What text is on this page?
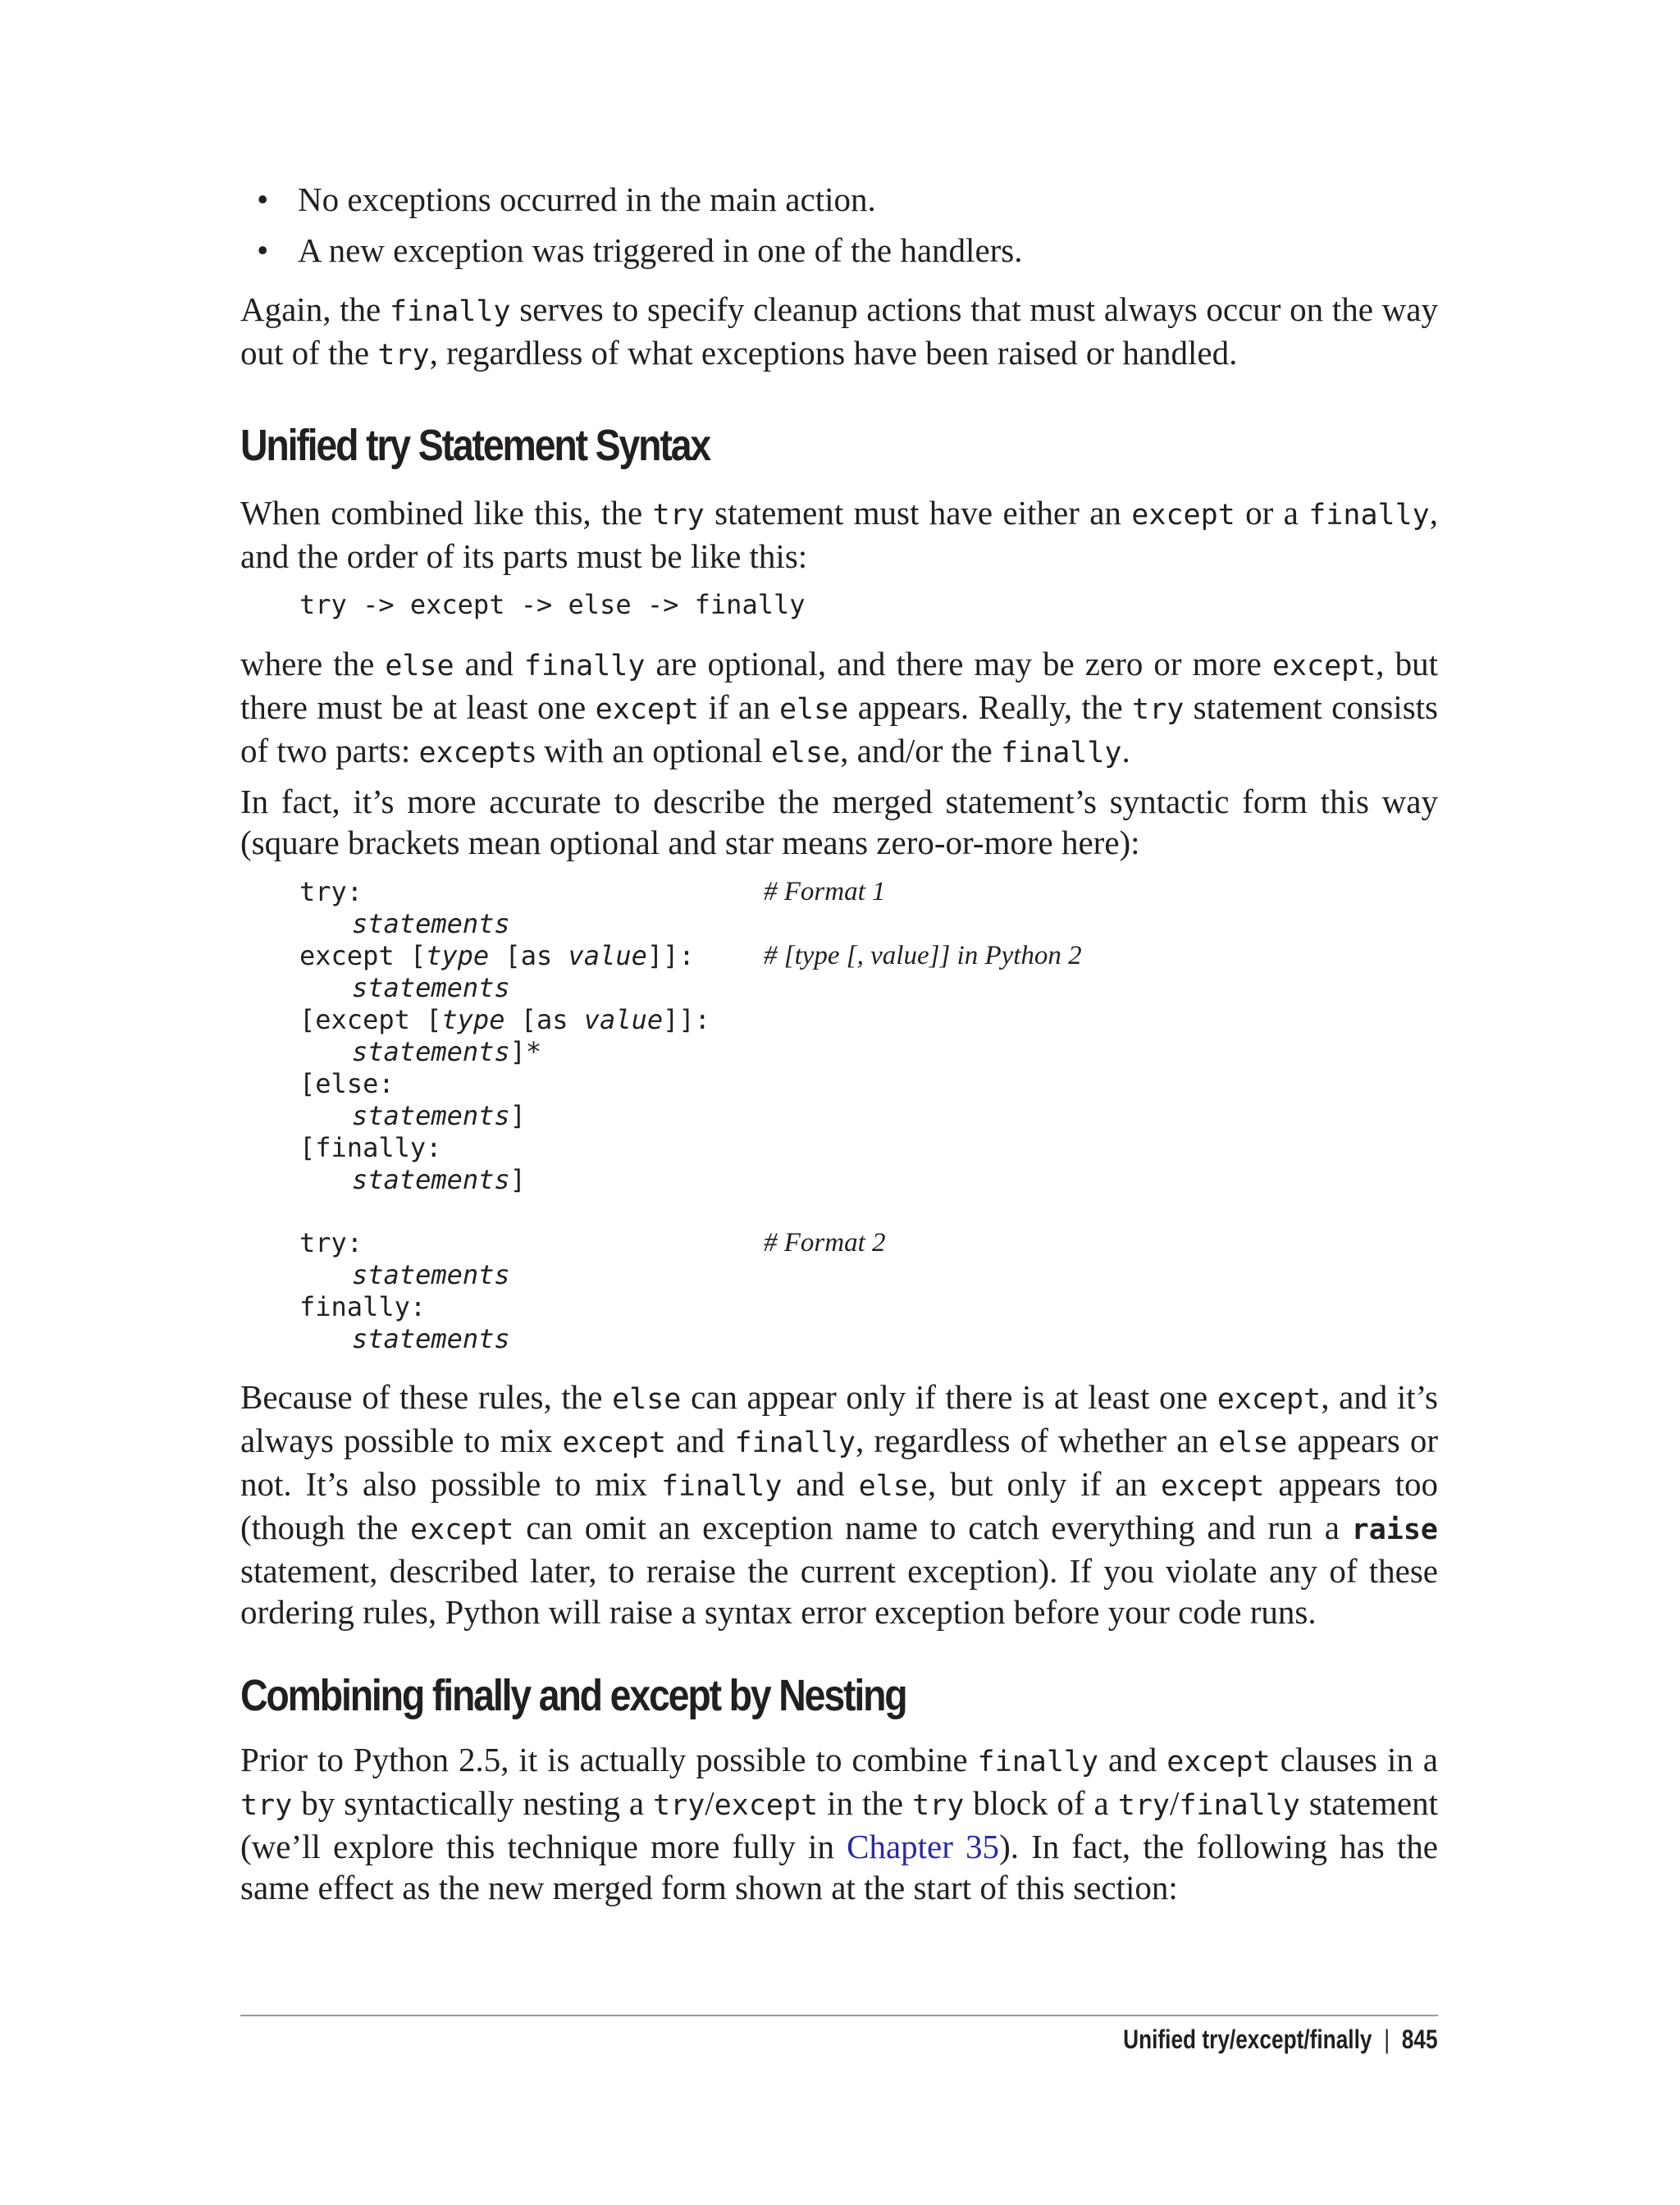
• No exceptions occurred in the main action.
• A new exception was triggered in one of the handlers.

Again, the finally serves to specify cleanup actions that must always occur on the way out of the try, regardless of what exceptions have been raised or handled.

Unified try Statement Syntax

When combined like this, the try statement must have either an except or a finally, and the order of its parts must be like this:

try -> except -> else -> finally

where the else and finally are optional, and there may be zero or more except, but there must be at least one except if an else appears. Really, the try statement consists of two parts: excepts with an optional else, and/or the finally.

In fact, it’s more accurate to describe the merged statement’s syntactic form this way (square brackets mean optional and star means zero-or-more here):

try:	# Format 1
statements
except [type [as value]]:	# [type [, value]] in Python 2
statements
[except [type [as value]]:
statements]*
[else:
statements]
[finally:
statements]
try:	# Format 2
statements
finally:
statements

Because of these rules, the else can appear only if there is at least one except, and it’s always possible to mix except and finally, regardless of whether an else appears or not. It’s also possible to mix finally and else, but only if an except appears too (though the except can omit an exception name to catch everything and run a raise statement, described later, to reraise the current exception). If you violate any of these ordering rules, Python will raise a syntax error exception before your code runs.

Combining finally and except by Nesting

Prior to Python 2.5, it is actually possible to combine finally and except clauses in a try by syntactically nesting a try/except in the try block of a try/finally statement (we’ll explore this technique more fully in Chapter 35). In fact, the following has the same effect as the new merged form shown at the start of this section:

Unified try/except/finally | 845
